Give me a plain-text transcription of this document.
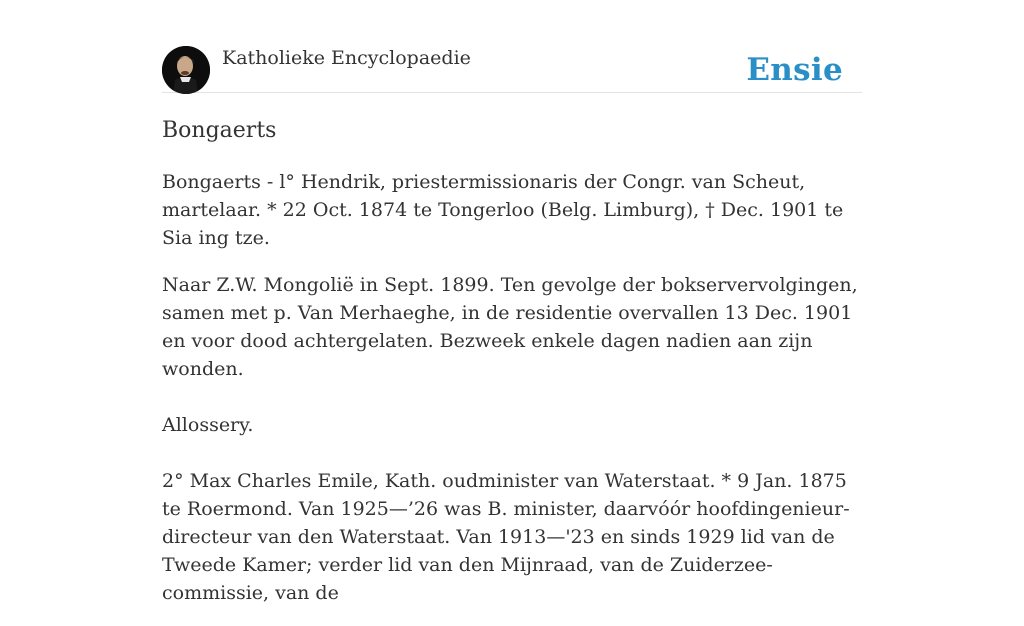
Katholieke Encyclopaedie	Ensie
Bongaerts

Bongaerts - l° Hendrik, priestermissionaris der Congr. van Scheut, martelaar. * 22 Oct. 1874 te Tongerloo (Belg. Limburg), † Dec. 1901 te Sia ing tze.

Naar Z.W. Mongolië in Sept. 1899. Ten gevolge der bokservervolgingen, samen met p. Van Merhaeghe, in de residentie overvallen 13 Dec. 1901 en voor dood achtergelaten. Bezweek enkele dagen nadien aan zijn wonden.

Allossery.

2° Max Charles Emile, Kath. oudminister van Waterstaat. * 9 Jan. 1875 te Roermond. Van 1925—’26 was B. minister, daarvóór hoofdingenieur-directeur van den Waterstaat. Van 1913—'23 en sinds 1929 lid van de Tweede Kamer; verder lid van den Mijnraad, van de Zuiderzee-commissie, van de
